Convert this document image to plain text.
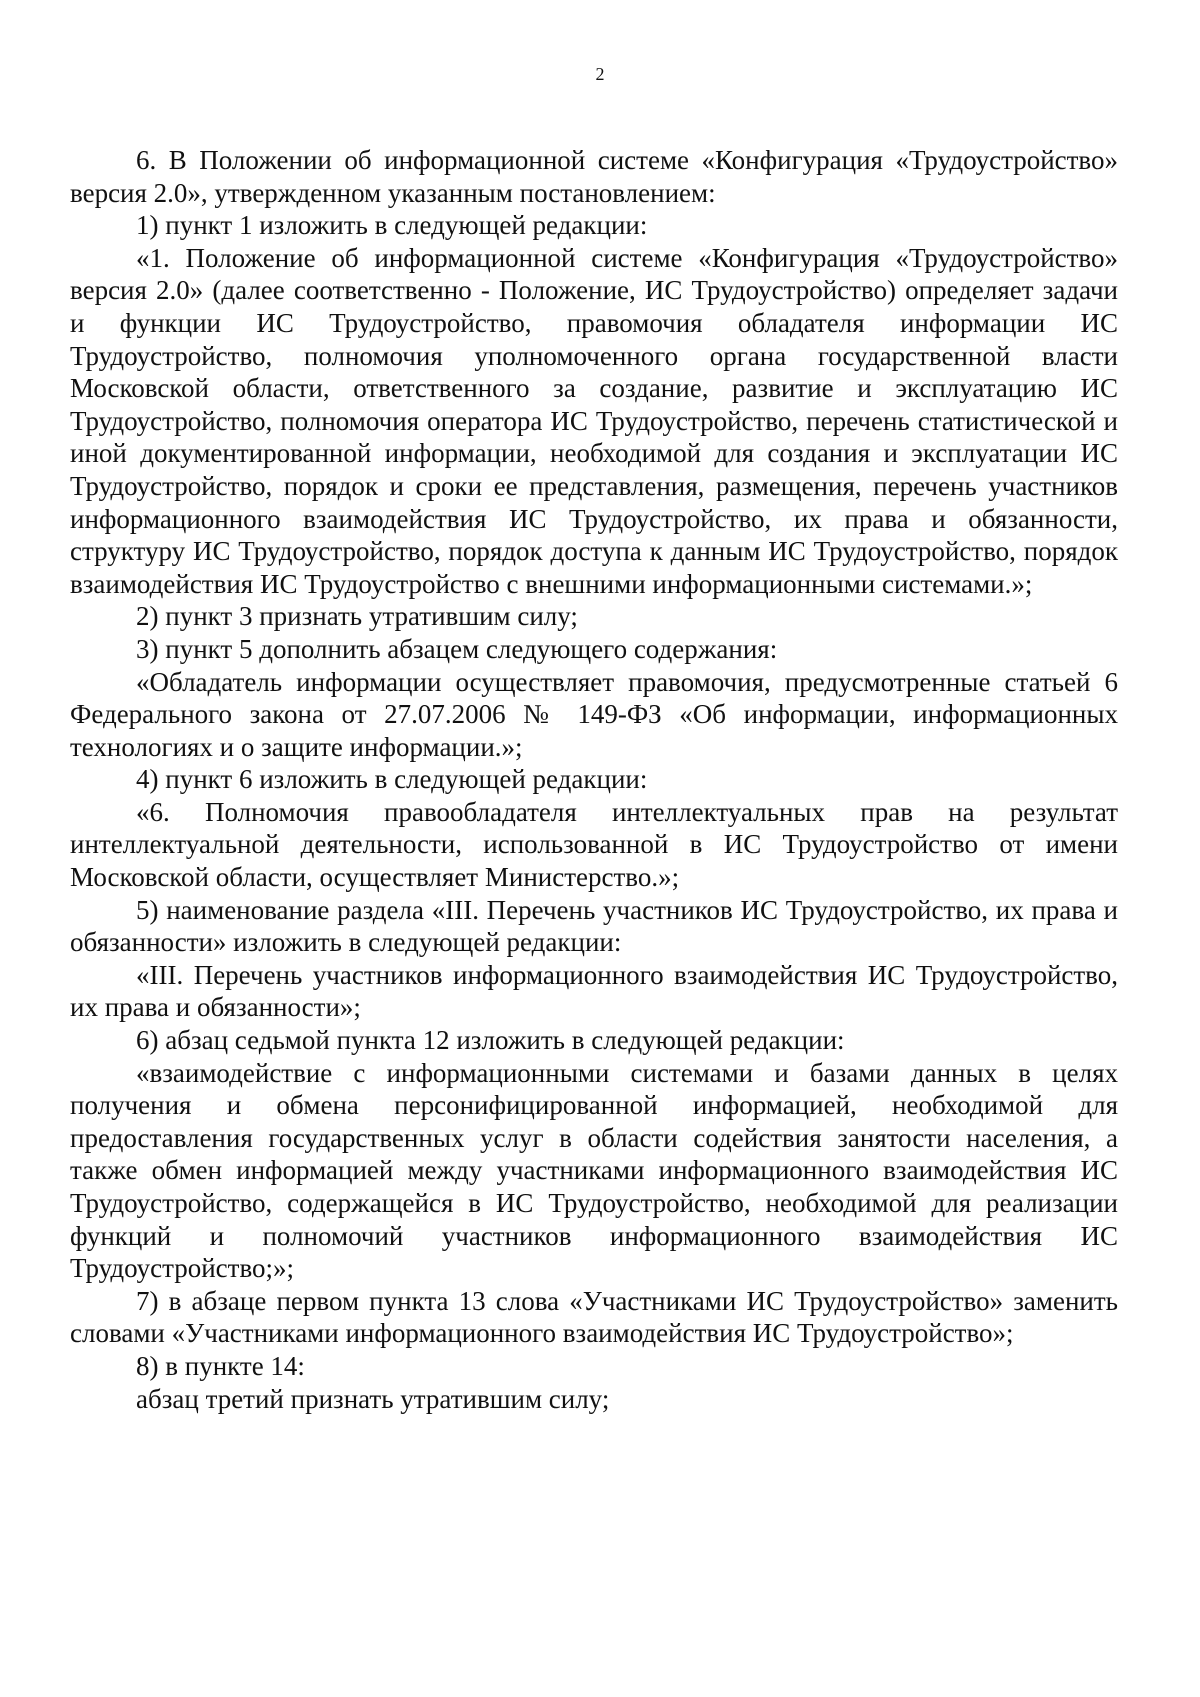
2

6. В Положении об информационной системе «Конфигурация «Трудоустройство» версия 2.0», утвержденном указанным постановлением:

1) пункт 1 изложить в следующей редакции:

«1. Положение об информационной системе «Конфигурация «Трудоустройство» версия 2.0» (далее соответственно - Положение, ИС Трудоустройство) определяет задачи и функции ИС Трудоустройство, правомочия обладателя информации ИС Трудоустройство, полномочия уполномоченного органа государственной власти Московской области, ответственного за создание, развитие и эксплуатацию ИС Трудоустройство, полномочия оператора ИС Трудоустройство, перечень статистической и иной документированной информации, необходимой для создания и эксплуатации ИС Трудоустройство, порядок и сроки ее представления, размещения, перечень участников информационного взаимодействия ИС Трудоустройство, их права и обязанности, структуру ИС Трудоустройство, порядок доступа к данным ИС Трудоустройство, порядок взаимодействия ИС Трудоустройство с внешними информационными системами.»;

2) пункт 3 признать утратившим силу;

3) пункт 5 дополнить абзацем следующего содержания:

«Обладатель информации осуществляет правомочия, предусмотренные статьей 6 Федерального закона от 27.07.2006 № 149-ФЗ «Об информации, информационных технологиях и о защите информации.»;

4) пункт 6 изложить в следующей редакции:

«6. Полномочия правообладателя интеллектуальных прав на результат интеллектуальной деятельности, использованной в ИС Трудоустройство от имени Московской области, осуществляет Министерство.»;

5) наименование раздела «III. Перечень участников ИС Трудоустройство, их права и обязанности» изложить в следующей редакции:

«III. Перечень участников информационного взаимодействия ИС Трудоустройство, их права и обязанности»;

6) абзац седьмой пункта 12 изложить в следующей редакции:

«взаимодействие с информационными системами и базами данных в целях получения и обмена персонифицированной информацией, необходимой для предоставления государственных услуг в области содействия занятости населения, а также обмен информацией между участниками информационного взаимодействия ИС Трудоустройство, содержащейся в ИС Трудоустройство, необходимой для реализации функций и полномочий участников информационного взаимодействия ИС Трудоустройство;»;

7) в абзаце первом пункта 13 слова «Участниками ИС Трудоустройство» заменить словами «Участниками информационного взаимодействия ИС Трудоустройство»;

8) в пункте 14:

абзац третий признать утратившим силу;
